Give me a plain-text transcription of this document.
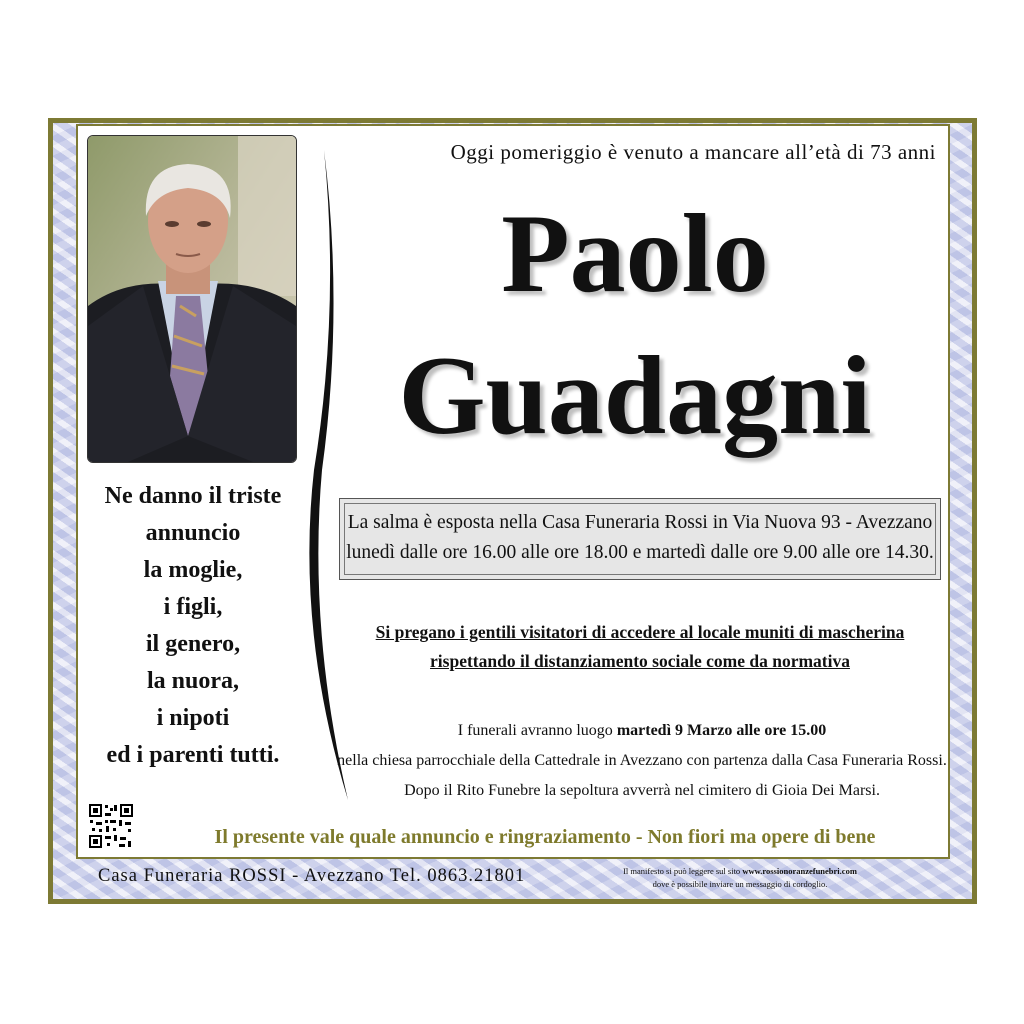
Oggi pomeriggio è venuto a mancare all’età di 73 anni
Paolo
Guadagni
La salma è esposta nella Casa Funeraria Rossi in Via Nuova 93 - Avezzano
lunedì dalle ore 16.00 alle ore 18.00 e martedì dalle ore 9.00 alle ore 14.30.
Si pregano i gentili visitatori di accedere al locale muniti di mascherina
rispettando il distanziamento sociale come da normativa
I funerali avranno luogo martedì 9 Marzo alle ore 15.00
nella chiesa parrocchiale della Cattedrale in Avezzano con partenza dalla Casa Funeraria Rossi.
Dopo il Rito Funebre la sepoltura avverrà nel cimitero di Gioia Dei Marsi.
Ne danno il triste
annuncio
la moglie,
i figli,
il genero,
la nuora,
i nipoti
ed i parenti tutti.
Il presente vale quale annuncio e ringraziamento - Non fiori ma opere di bene
Casa Funeraria ROSSI - Avezzano Tel. 0863.21801	Il manifesto si può leggere sul sito www.rossionoranzefunebri.com
dove è possibile inviare un messaggio di cordoglio.
